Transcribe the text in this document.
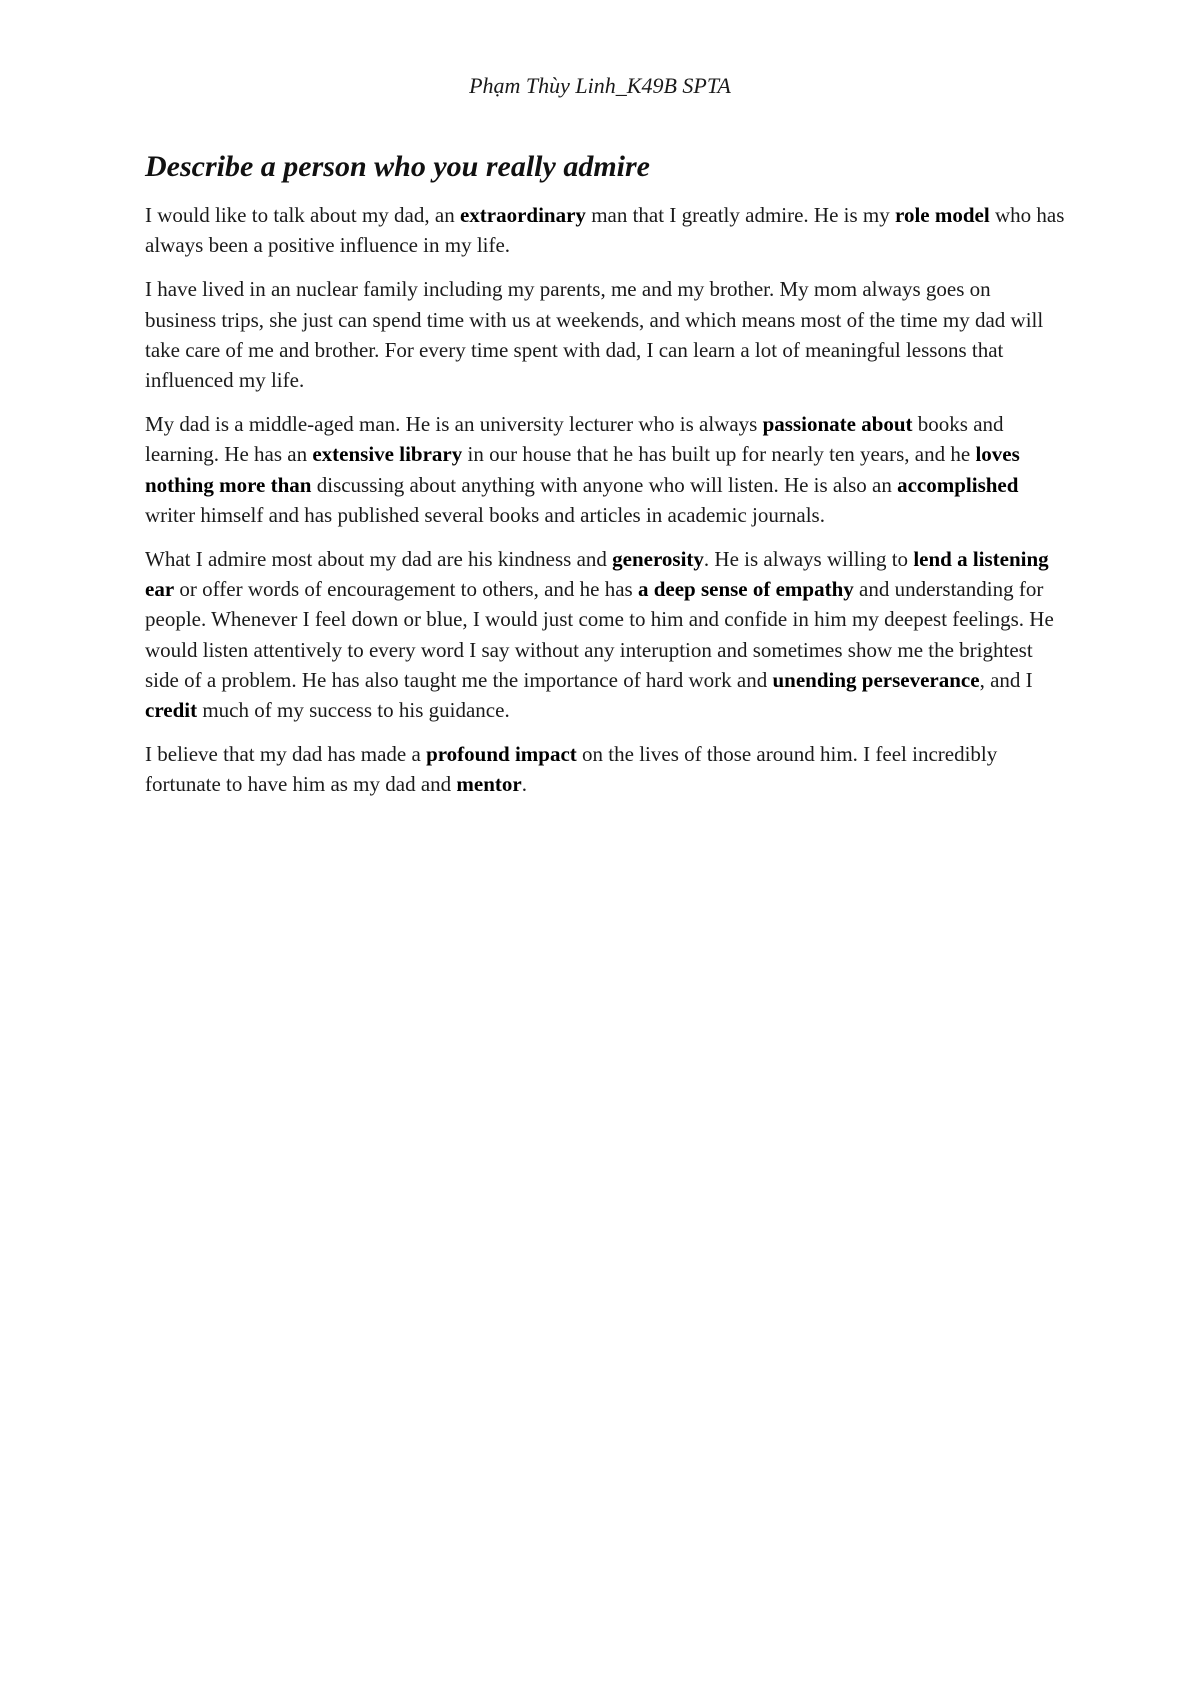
Phạm Thùy Linh_K49B SPTA
Describe a person who you really admire

I would like to talk about my dad, an extraordinary man that I greatly admire. He is my role model who has always been a positive influence in my life.

I have lived in an nuclear family including my parents, me and my brother. My mom always goes on business trips, she just can spend time with us at weekends, and which means most of the time my dad will take care of me and brother. For every time spent with dad, I can learn a lot of meaningful lessons that influenced my life.

My dad is a middle-aged man. He is an university lecturer who is always passionate about books and learning. He has an extensive library in our house that he has built up for nearly ten years, and he loves nothing more than discussing about anything with anyone who will listen. He is also an accomplished writer himself and has published several books and articles in academic journals.

What I admire most about my dad are his kindness and generosity. He is always willing to lend a listening ear or offer words of encouragement to others, and he has a deep sense of empathy and understanding for people. Whenever I feel down or blue, I would just come to him and confide in him my deepest feelings. He would listen attentively to every word I say without any interuption and sometimes show me the brightest side of a problem. He has also taught me the importance of hard work and unending perseverance, and I credit much of my success to his guidance.

I believe that my dad has made a profound impact on the lives of those around him. I feel incredibly fortunate to have him as my dad and mentor.
